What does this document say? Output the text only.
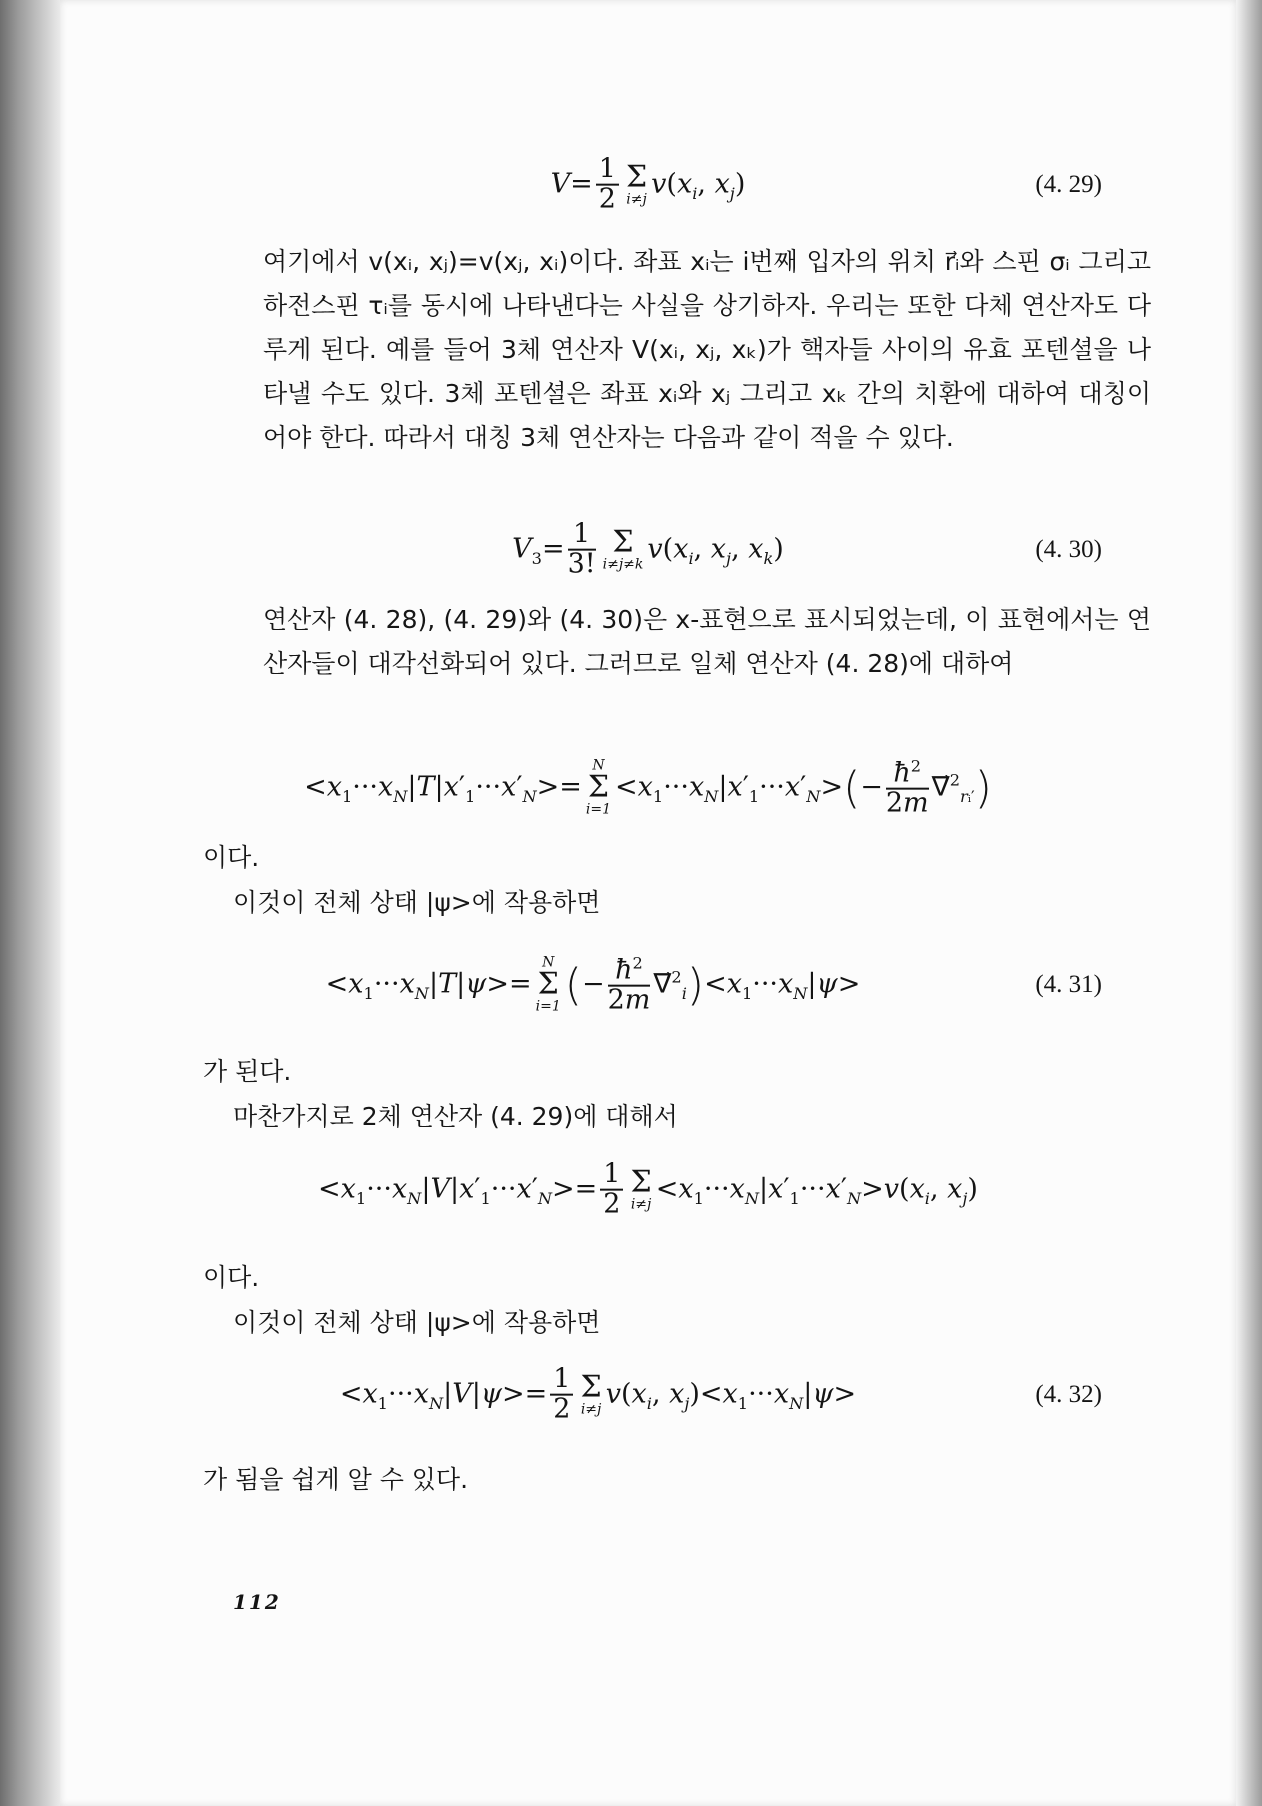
$V= \frac{1}{2}$ Σ
i≠j
$v(x_i$, $x_j$)	(4. 29)
여기에서 v(xᵢ, xⱼ)=v(xⱼ, xᵢ)이다. 좌표 xᵢ는 i번째 입자의 위치 r⃗ᵢ와 스핀 σᵢ 그리고 하전스핀 τᵢ를 동시에 나타낸다는 사실을 상기하자. 우리는 또한 다체 연산자도 다루게 된다. 예를 들어 3체 연산자 V(xᵢ, xⱼ, xₖ)가 핵자들 사이의 유효 포텐셜을 나타낼 수도 있다. 3체 포텐셜은 좌표 xᵢ와 xⱼ 그리고 xₖ 간의 치환에 대하여 대칭이어야 한다. 따라서 대칭 3체 연산자는 다음과 같이 적을 수 있다.
$V_3= \frac{1}{3!}$ Σ
i≠j≠k
$v(x_i$, $x_j$, $x_k$)	(4. 30)
연산자 (4. 28), (4. 29)와 (4. 30)은 x-표현으로 표시되었는데, 이 표현에서는 연산자들이 대각선화되어 있다. 그러므로 일체 연산자 (4. 28)에 대하여
$<x_1\cdot\cdot\cdot x_N|T|x'_1\cdot\cdot\cdot x'_N>=$
N
Σ
i=1
$<x_1\cdot\cdot\cdot x_N|x'_1\cdot\cdot\cdot x'_N>(- \frac{ħ^2}{2m}$ ∇⃗$^2_{rᵢ'}$)
이다.
이것이 전체 상태 |ψ>에 작용하면
$<x_1\cdot\cdot\cdot x_N|T|\psi>=$
N
Σ
i=1 (− $\frac{ħ^2}{2m}$ $\nabla⃗^2_i)<x_1\cdot\cdot\cdot x_N|\psi>$	(4. 31)
가 된다.
마찬가지로 2체 연산자 (4. 29)에 대해서
$<x_1\cdot\cdot\cdot x_N|V|x'_1\cdot\cdot\cdot x'_N>= \frac{1}{2}$ Σ
i≠j
$<x_1\cdot\cdot\cdot x_N|x'_1\cdot\cdot\cdot x'_N>v(x_i$, $x_j$)
이다.
이것이 전체 상태 |ψ>에 작용하면
$<x_1\cdot\cdot\cdot x_N|V|\psi>= \frac{1}{2}$ Σ
i≠j
$v(x_i$, $x_j)<x_1\cdot\cdot\cdot x_N|\psi>$	(4. 32)
가 됨을 쉽게 알 수 있다.
112
